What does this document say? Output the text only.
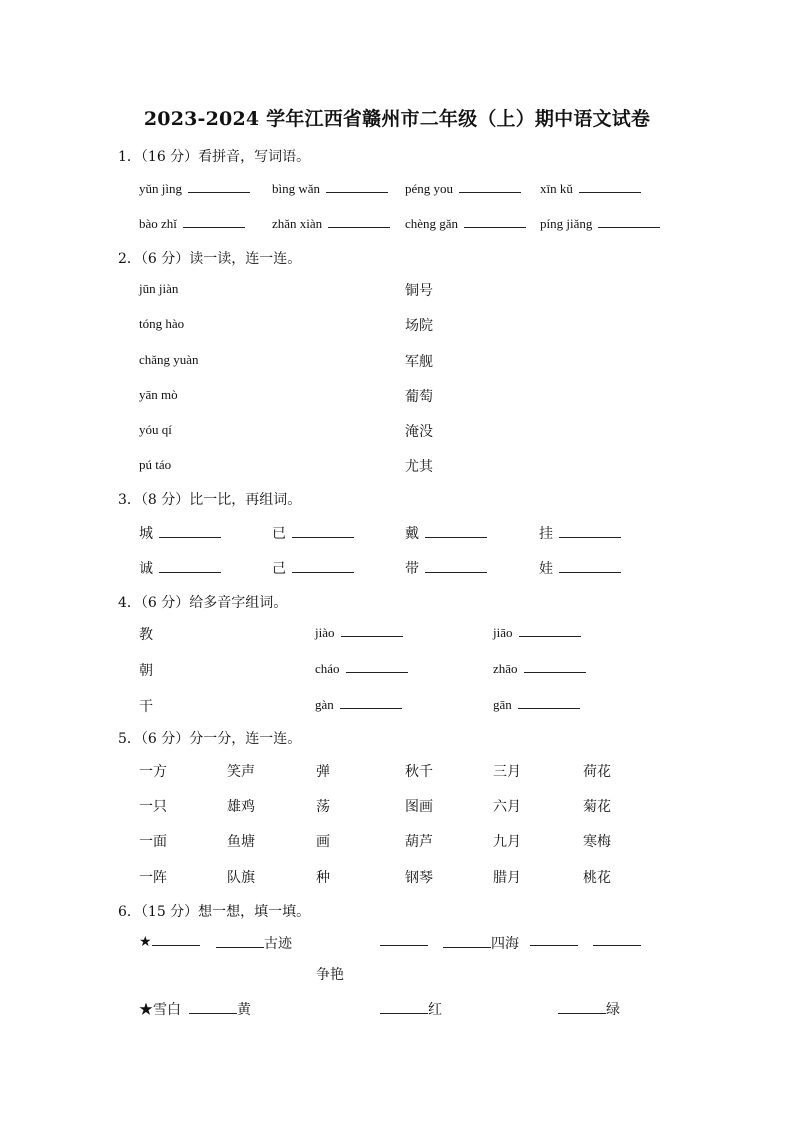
2023-2024 学年江西省赣州市二年级（上）期中语文试卷
1．（16 分）看拼音，写词语。
yǔn jìng	bìng wǎn	péng you	xīn kǔ
bào zhǐ	zhǎn xiàn	chèng gǎn	píng jiǎng
2．（6 分）读一读，连一连。
jūn jiàn
tóng hào
chǎng yuàn
yān mò
yóu qí
pú táo
铜号
场院
军舰
葡萄
淹没
尤其
3．（8 分）比一比，再组词。
城	已	戴	挂
诚	己	带	娃
4．（6 分）给多音字组词。
教	jiào	jiāo
朝	cháo	zhāo
干	gàn	gān
5．（6 分）分一分，连一连。
一方	笑声	弹	秋千	三月	荷花
一只	雄鸡	荡	图画	六月	菊花
一面	鱼塘	画	葫芦	九月	寒梅
一阵	队旗	种	钢琴	腊月	桃花
6．（15 分）想一想，填一填。
★	古迹	四海
争艳
★雪白	黄	红	绿
